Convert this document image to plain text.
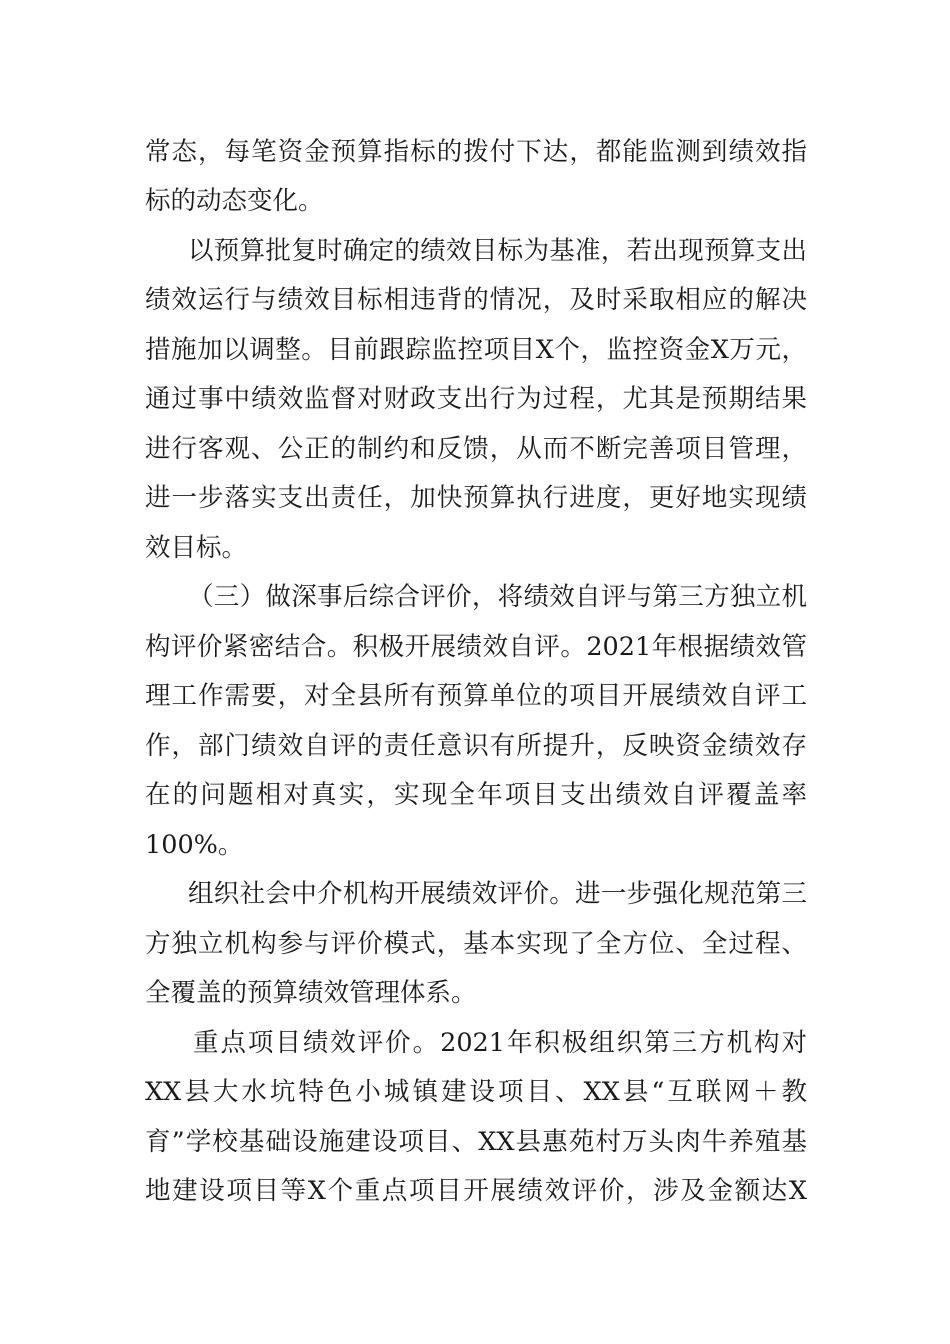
常态，每笔资金预算指标的拨付下达，都能监测到绩效指
标的动态变化。
以预算批复时确定的绩效目标为基准，若出现预算支出
绩效运行与绩效目标相违背的情况，及时采取相应的解决
措施加以调整。目前跟踪监控项目X个，监控资金X万元，
通过事中绩效监督对财政支出行为过程，尤其是预期结果
进行客观、公正的制约和反馈，从而不断完善项目管理，
进一步落实支出责任，加快预算执行进度，更好地实现绩
效目标。
（三）做深事后综合评价，将绩效自评与第三方独立机
构评价紧密结合。积极开展绩效自评。2021年根据绩效管
理工作需要，对全县所有预算单位的项目开展绩效自评工
作，部门绩效自评的责任意识有所提升，反映资金绩效存
在的问题相对真实，实现全年项目支出绩效自评覆盖率
100%。
组织社会中介机构开展绩效评价。进一步强化规范第三
方独立机构参与评价模式，基本实现了全方位、全过程、
全覆盖的预算绩效管理体系。
重点项目绩效评价。2021年积极组织第三方机构对
XX县大水坑特色小城镇建设项目、XX县“互联网＋教
育”学校基础设施建设项目、XX县惠苑村万头肉牛养殖基
地建设项目等X个重点项目开展绩效评价，涉及金额达X
